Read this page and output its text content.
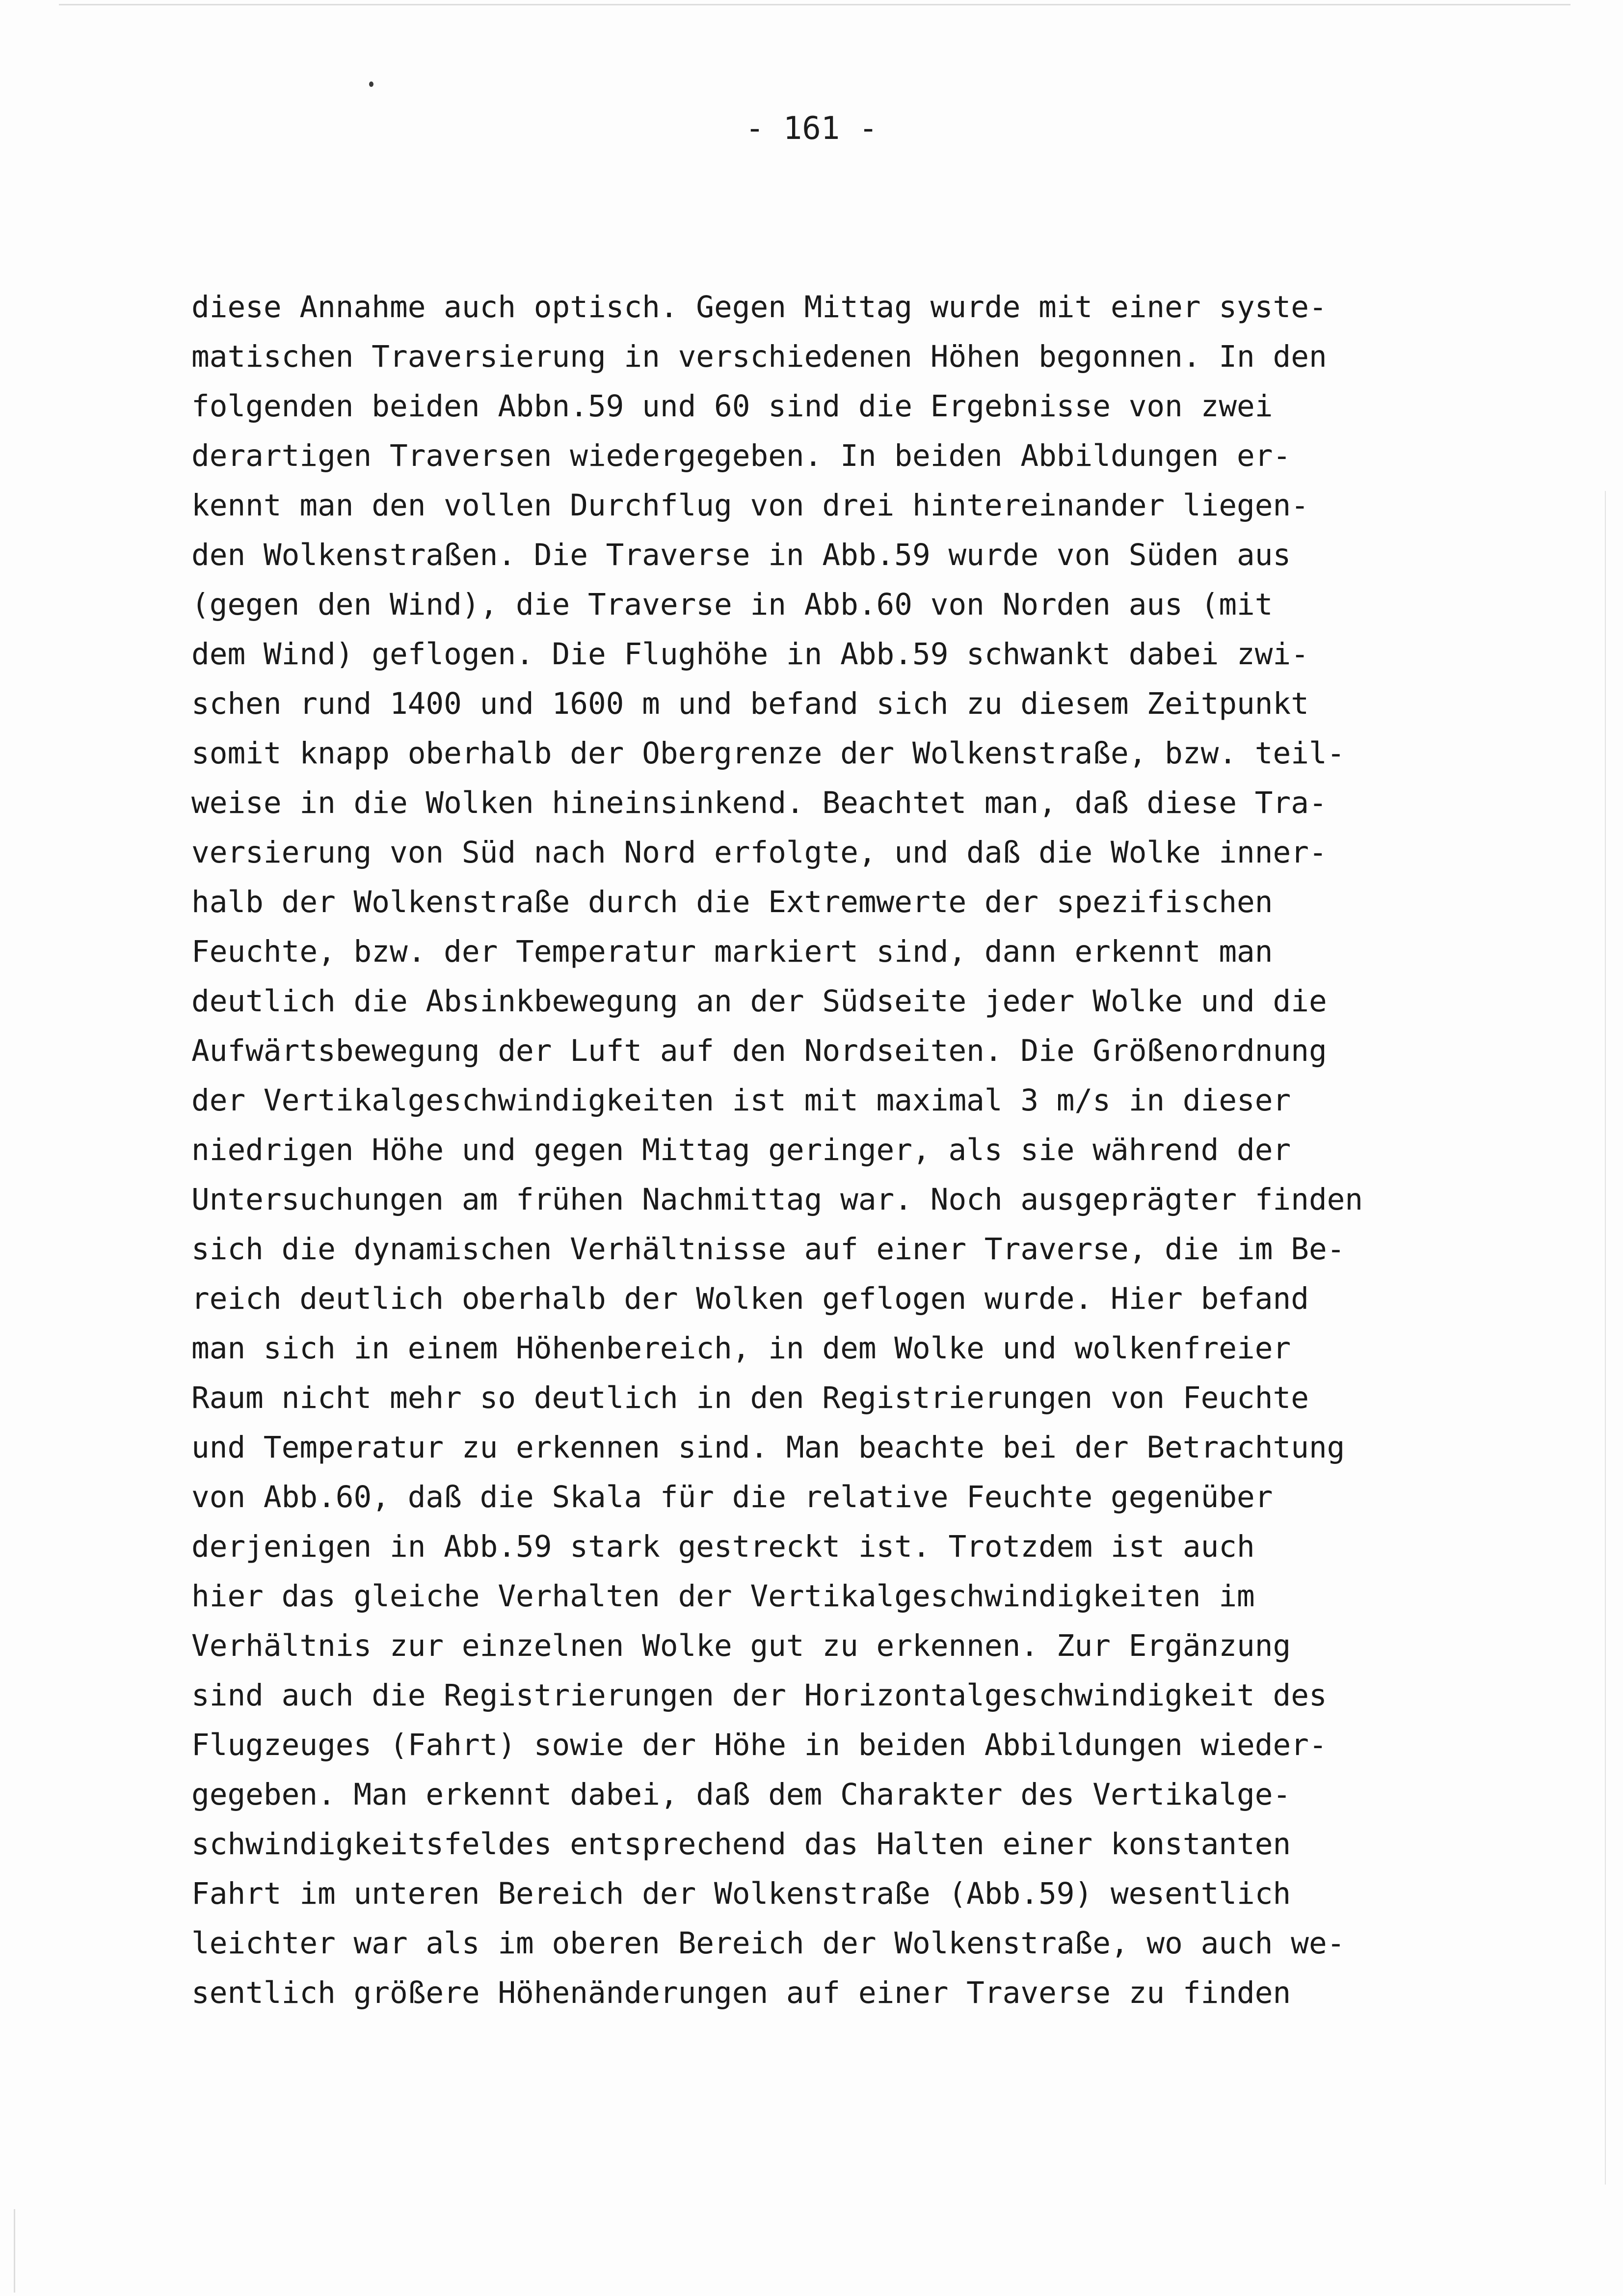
- 161 -
diese Annahme auch optisch. Gegen Mittag wurde mit einer syste-
matischen Traversierung in verschiedenen Höhen begonnen. In den
folgenden beiden Abbn.59 und 60 sind die Ergebnisse von zwei
derartigen Traversen wiedergegeben. In beiden Abbildungen er-
kennt man den vollen Durchflug von drei hintereinander liegen-
den Wolkenstraßen. Die Traverse in Abb.59 wurde von Süden aus
(gegen den Wind), die Traverse in Abb.60 von Norden aus (mit
dem Wind) geflogen. Die Flughöhe in Abb.59 schwankt dabei zwi-
schen rund 1400 und 1600 m und befand sich zu diesem Zeitpunkt
somit knapp oberhalb der Obergrenze der Wolkenstraße, bzw. teil-
weise in die Wolken hineinsinkend. Beachtet man, daß diese Tra-
versierung von Süd nach Nord erfolgte, und daß die Wolke inner-
halb der Wolkenstraße durch die Extremwerte der spezifischen
Feuchte, bzw. der Temperatur markiert sind, dann erkennt man
deutlich die Absinkbewegung an der Südseite jeder Wolke und die
Aufwärtsbewegung der Luft auf den Nordseiten. Die Größenordnung
der Vertikalgeschwindigkeiten ist mit maximal 3 m/s in dieser
niedrigen Höhe und gegen Mittag geringer, als sie während der
Untersuchungen am frühen Nachmittag war. Noch ausgeprägter finden
sich die dynamischen Verhältnisse auf einer Traverse, die im Be-
reich deutlich oberhalb der Wolken geflogen wurde. Hier befand
man sich in einem Höhenbereich, in dem Wolke und wolkenfreier
Raum nicht mehr so deutlich in den Registrierungen von Feuchte
und Temperatur zu erkennen sind. Man beachte bei der Betrachtung
von Abb.60, daß die Skala für die relative Feuchte gegenüber
derjenigen in Abb.59 stark gestreckt ist. Trotzdem ist auch
hier das gleiche Verhalten der Vertikalgeschwindigkeiten im
Verhältnis zur einzelnen Wolke gut zu erkennen. Zur Ergänzung
sind auch die Registrierungen der Horizontalgeschwindigkeit des
Flugzeuges (Fahrt) sowie der Höhe in beiden Abbildungen wieder-
gegeben. Man erkennt dabei, daß dem Charakter des Vertikalge-
schwindigkeitsfeldes entsprechend das Halten einer konstanten
Fahrt im unteren Bereich der Wolkenstraße (Abb.59) wesentlich
leichter war als im oberen Bereich der Wolkenstraße, wo auch we-
sentlich größere Höhenänderungen auf einer Traverse zu finden
